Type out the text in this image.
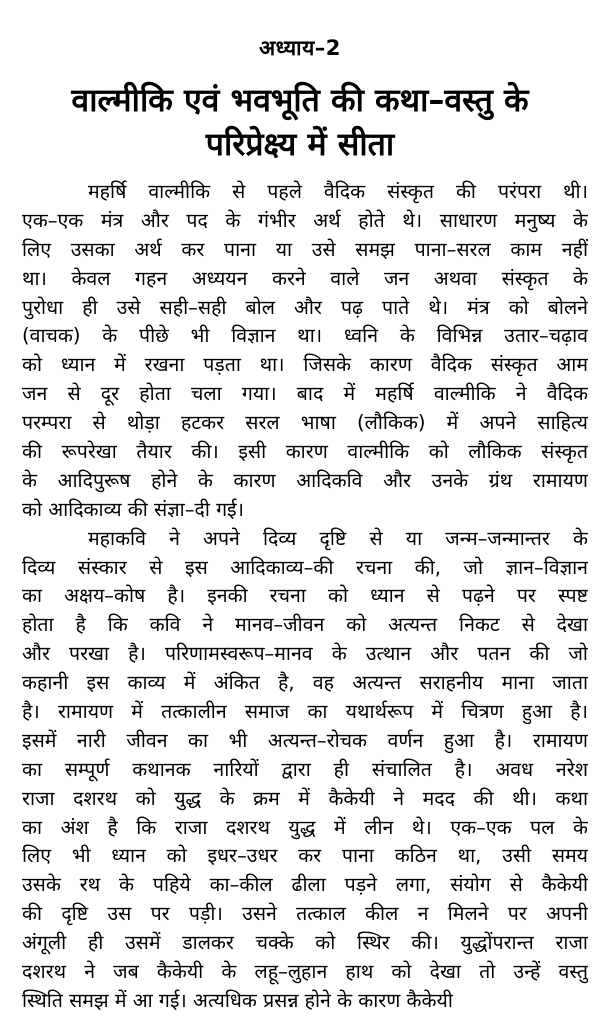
अध्याय–2
वाल्मीकि एवं भवभूति की कथा–वस्तु के
परिप्रेक्ष्य में सीता
महर्षि वाल्मीकि से पहले वैदिक संस्कृत की परंपरा थी।
एक–एक मंत्र और पद के गंभीर अर्थ होते थे। साधारण मनुष्य के
लिए उसका अर्थ कर पाना या उसे समझ पाना–सरल काम नहीं
था। केवल गहन अध्ययन करने वाले जन अथवा संस्कृत के
पुरोधा ही उसे सही–सही बोल और पढ़ पाते थे। मंत्र को बोलने
(वाचक) के पीछे भी विज्ञान था। ध्वनि के विभिन्न उतार–चढ़ाव
को ध्यान में रखना पड़ता था। जिसके कारण वैदिक संस्कृत आम
जन से दूर होता चला गया। बाद में महर्षि वाल्मीकि ने वैदिक
परम्परा से थोड़ा हटकर सरल भाषा (लौकिक) में अपने साहित्य
की रूपरेखा तैयार की। इसी कारण वाल्मीकि को लौकिक संस्कृत
के आदिपुरूष होने के कारण आदिकवि और उनके ग्रंथ रामायण
को आदिकाव्य की संज्ञा–दी गई।
महाकवि ने अपने दिव्य दृष्टि से या जन्म–जन्मान्तर के
दिव्य संस्कार से इस आदिकाव्य–की रचना की, जो ज्ञान–विज्ञान
का अक्षय–कोष है। इनकी रचना को ध्यान से पढ़ने पर स्पष्ट
होता है कि कवि ने मानव–जीवन को अत्यन्त निकट से देखा
और परखा है। परिणामस्वरूप–मानव के उत्थान और पतन की जो
कहानी इस काव्य में अंकित है, वह अत्यन्त सराहनीय माना जाता
है। रामायण में तत्कालीन समाज का यथार्थरूप में चित्रण हुआ है।
इसमें नारी जीवन का भी अत्यन्त–रोचक वर्णन हुआ है। रामायण
का सम्पूर्ण कथानक नारियों द्वारा ही संचालित है। अवध नरेश
राजा दशरथ को युद्ध के क्रम में कैकेयी ने मदद की थी। कथा
का अंश है कि राजा दशरथ युद्ध में लीन थे। एक–एक पल के
लिए भी ध्यान को इधर–उधर कर पाना कठिन था, उसी समय
उसके रथ के पहिये का–कील ढीला पड़ने लगा, संयोग से कैकेयी
की दृष्टि उस पर पड़ी। उसने तत्काल कील न मिलने पर अपनी
अंगूली ही उसमें डालकर चक्के को स्थिर की। युद्धोंपरान्त राजा
दशरथ ने जब कैकेयी के लहू–लुहान हाथ को देखा तो उन्हें वस्तु
स्थिति समझ में आ गई। अत्यधिक प्रसन्न होने के कारण कैकेयी
